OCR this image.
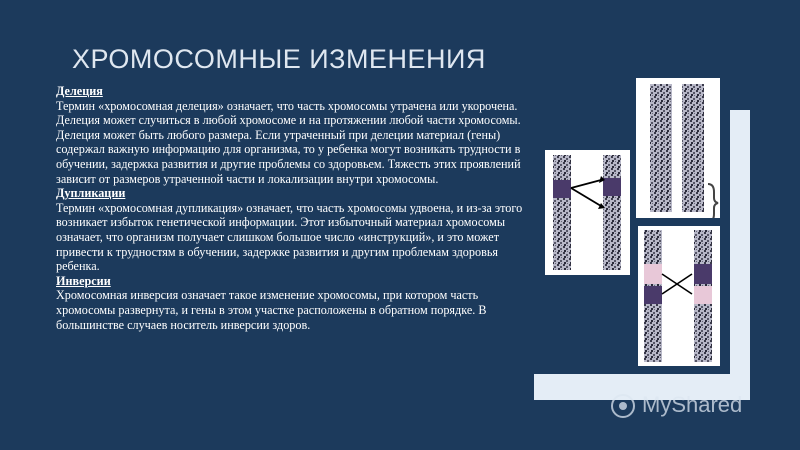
ХРОМОСОМНЫЕ ИЗМЕНЕНИЯ
Делеция

Термин «хромосомная делеция» означает, что часть хромосомы утрачена или укорочена. Делеция может случиться в любой хромосоме и на протяжении любой части хромосомы. Делеция может быть любого размера. Если утраченный при делеции материал (гены) содержал важную информацию для организма, то у ребенка могут возникать трудности в обучении, задержка развития и другие проблемы со здоровьем. Тяжесть этих проявлений зависит от размеров утраченной части и локализации внутри хромосомы.

Дупликации

Термин «хромосомная дупликация» означает, что часть хромосомы удвоена, и из-за этого возникает избыток генетической информации. Этот избыточный материал хромосомы означает, что организм получает слишком большое число «инструкций», и это может привести к трудностям в обучении, задержке развития и другим проблемам здоровья ребенка.

Инверсии

Хромосомная инверсия означает такое изменение хромосомы, при котором часть хромосомы развернута, и гены в этом участке расположены в обратном порядке. В большинстве случаев носитель инверсии здоров.

MyShared
